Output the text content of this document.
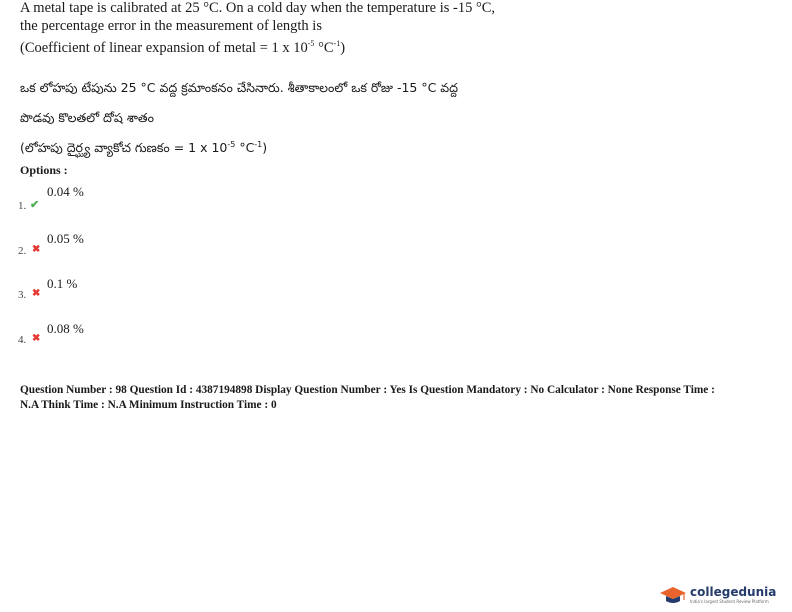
A metal tape is calibrated at 25 °C. On a cold day when the temperature is -15 °C,
the percentage error in the measurement of length is
(Coefficient of linear expansion of metal = 1 x $10^{-5}$ $^\circ C^{-1}$)
ఒక లోహపు టేపును 25 °C వద్ద క్రమాంకనం చేసినారు. శీతాకాలంలో ఒక రోజు -15 °C వద్ద
పొడవు కొలతలో దోష శాతం
(లోహపు దైర్ఘ్య వ్యాకోచ గుణకం = 1 x $10^{-5}$ $^\circ C^{-1}$)
Options :
0.04 %
1. ✔
0.05 %
2. ✖
0.1 %
3. ✖
0.08 %
4. ✖
Question Number : 98 Question Id : 4387194898 Display Question Number : Yes Is Question Mandatory : No Calculator : None Response Time :
N.A Think Time : N.A Minimum Instruction Time : 0
collegedunia
India's largest Student Review Platform
